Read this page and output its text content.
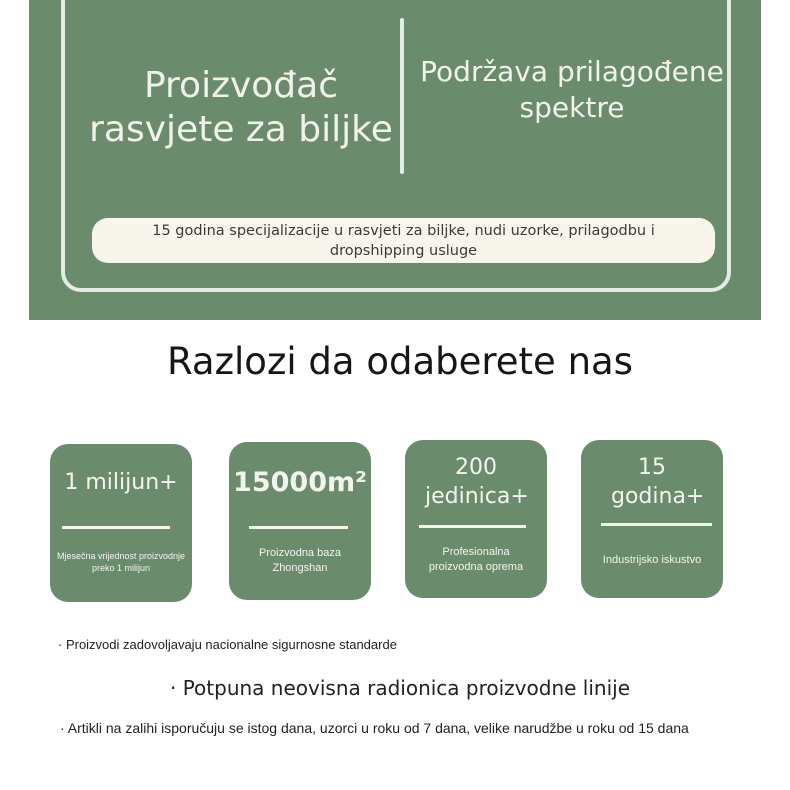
Proizvođač rasvjete za biljke
Podržava prilagođene spektre
15 godina specijalizacije u rasvjeti za biljke, nudi uzorke, prilagodbu i dropshipping usluge
Razlozi da odaberete nas
1 milijun+
Mjesečna vrijednost proizvodnje preko 1 milijun
15000m²
Proizvodna baza Zhongshan
200 jedinica+
Profesionalna proizvodna oprema
15 godina+
Industrijsko iskustvo
· Proizvodi zadovoljavaju nacionalne sigurnosne standarde
· Potpuna neovisna radionica proizvodne linije
· Artikli na zalihi isporučuju se istog dana, uzorci u roku od 7 dana, velike narudžbe u roku od 15 dana
